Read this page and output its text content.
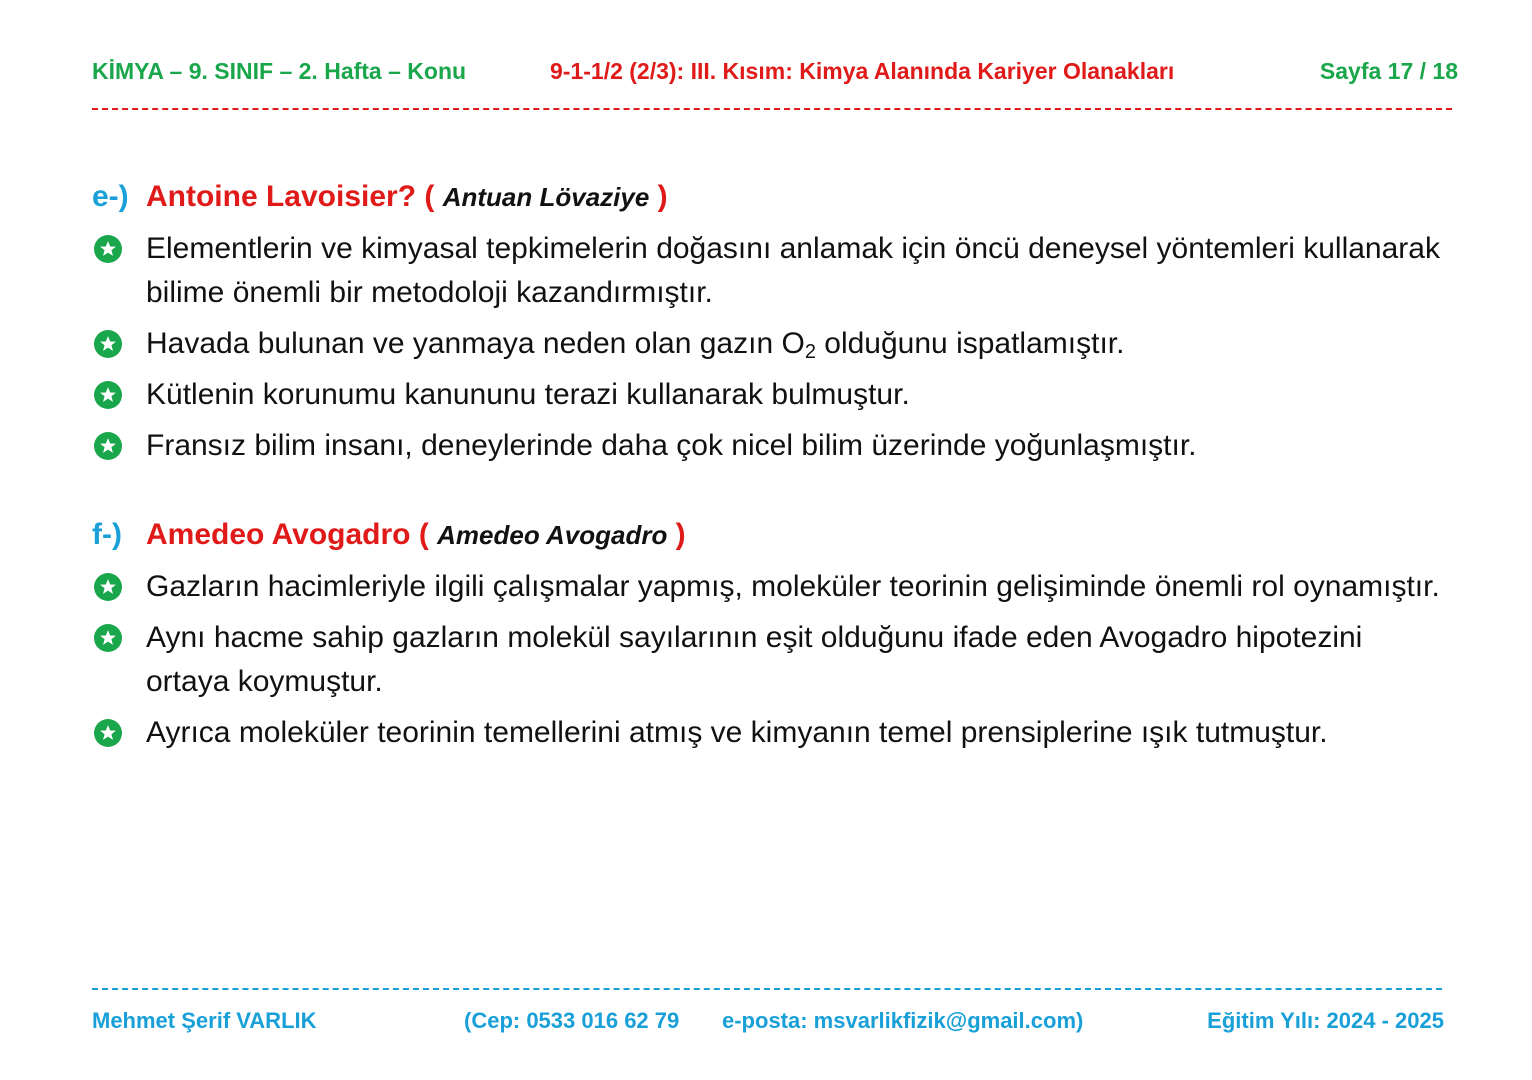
KİMYA – 9. SINIF – 2. Hafta – Konu	9-1-1/2 (2/3): III. Kısım: Kimya Alanında Kariyer Olanakları	Sayfa 17 / 18
e-) Antoine Lavoisier? ( Antuan Lövaziye )
Elementlerin ve kimyasal tepkimelerin doğasını anlamak için öncü deneysel yöntemleri kullanarak bilime önemli bir metodoloji kazandırmıştır.
Havada bulunan ve yanmaya neden olan gazın $O_2$ olduğunu ispatlamıştır.
Kütlenin korunumu kanununu terazi kullanarak bulmuştur.
Fransız bilim insanı, deneylerinde daha çok nicel bilim üzerinde yoğunlaşmıştır.
f-) Amedeo Avogadro ( Amedeo Avogadro )
Gazların hacimleriyle ilgili çalışmalar yapmış, moleküler teorinin gelişiminde önemli rol oynamıştır.
Aynı hacme sahip gazların molekül sayılarının eşit olduğunu ifade eden Avogadro hipotezini ortaya koymuştur.
Ayrıca moleküler teorinin temellerini atmış ve kimyanın temel prensiplerine ışık tutmuştur.
Mehmet Şerif VARLIK	(Cep: 0533 016 62 79 e-posta: msvarlikfizik@gmail.com)	Eğitim Yılı: 2024 - 2025
